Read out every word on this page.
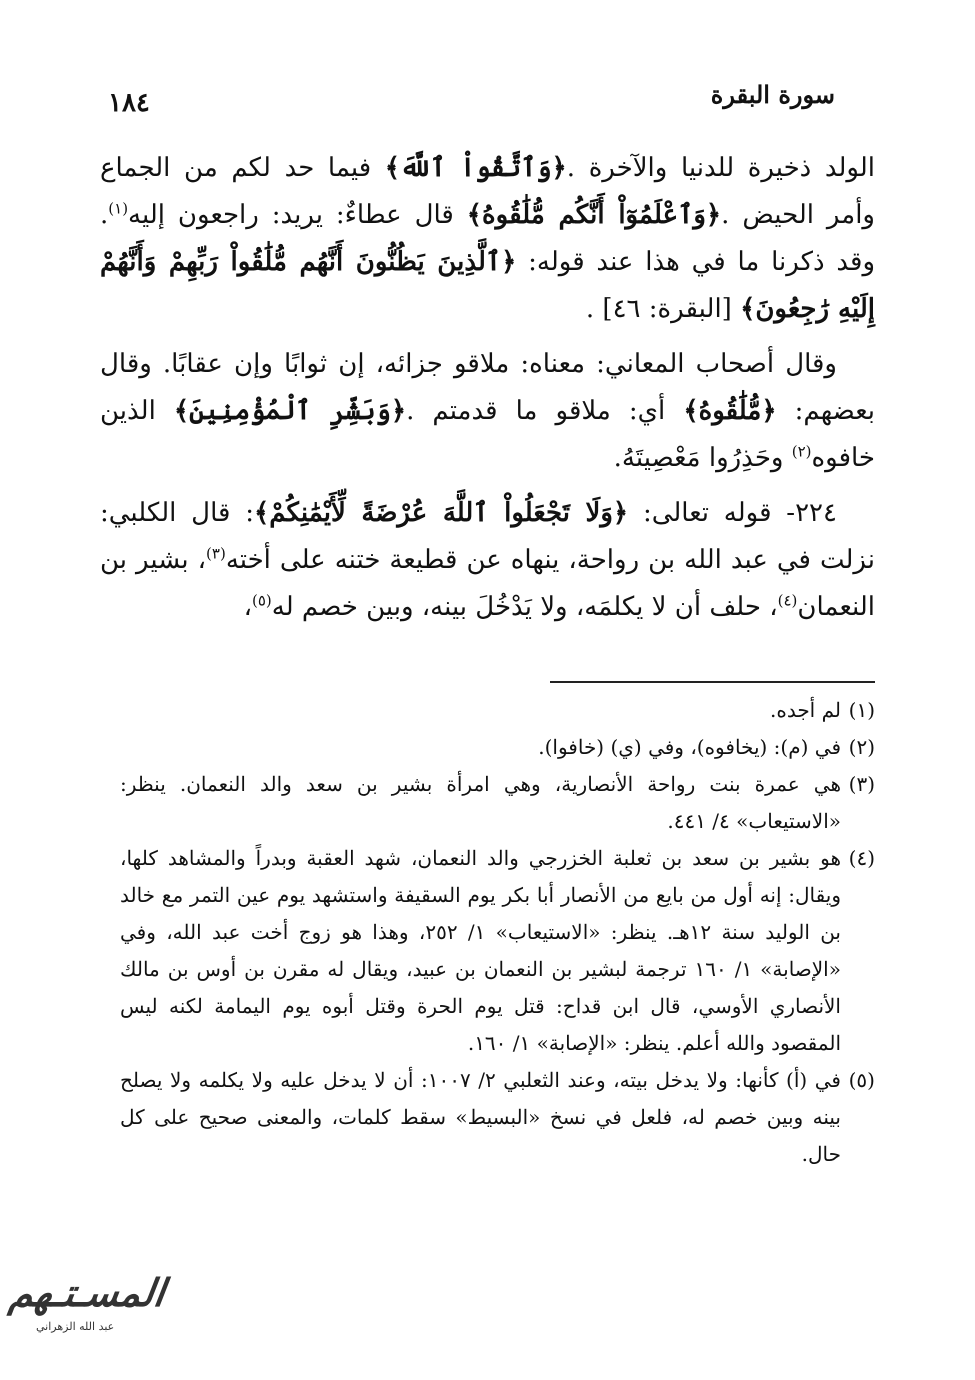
سورة البقرة
١٨٤

الولد ذخيرة للدنيا والآخرة .﴿وَٱتَّقُواْ ٱللَّهَ﴾ فيما حد لكم من الجماع وأمر الحيض .﴿وَٱعْلَمُوٓاْ أَنَّكُم مُّلَٰقُوهُ﴾ قال عطاءٌ: يريد: راجعون إليه$^{(١)}$. وقد ذكرنا ما في هذا عند قوله: ﴿ٱلَّذِينَ يَظُنُّونَ أَنَّهُم مُّلَٰقُواْ رَبِّهِمْ وَأَنَّهُمْ إِلَيْهِ رَٰجِعُونَ﴾ [البقرة: ٤٦] .

وقال أصحاب المعاني: معناه: ملاقو جزائه، إن ثوابًا وإن عقابًا. وقال بعضهم: ﴿مُّلَٰقُوهُ﴾ أي: ملاقو ما قدمتم .﴿وَبَشِّرِ ٱلْمُؤْمِنِينَ﴾ الذين خافوه$^{(٢)}$ وحَذِرُوا مَعْصِيتَهُ.

٢٢٤- قوله تعالى: ﴿وَلَا تَجْعَلُواْ ٱللَّهَ عُرْضَةً لِّأَيْمَٰنِكُمْ﴾: قال الكلبي: نزلت في عبد الله بن رواحة، ينهاه عن قطيعة ختنه على أخته$^{(٣)}$، بشير بن النعمان$^{(٤)}$، حلف أن لا يكلمَه، ولا يَدْخُلَ بينه، وبين خصم له$^{(٥)}$،

(١)لم أجده.

(٢)في (م): (يخافوه)، وفي (ي) (خافوا).

(٣)هي عمرة بنت رواحة الأنصارية، وهي امرأة بشير بن سعد والد النعمان. ينظر: «الاستيعاب» ٤/ ٤٤١.

(٤)هو بشير بن سعد بن ثعلبة الخزرجي والد النعمان، شهد العقبة وبدراً والمشاهد كلها، ويقال: إنه أول من بايع من الأنصار أبا بكر يوم السقيفة واستشهد يوم عين التمر مع خالد بن الوليد سنة ١٢هـ. ينظر: «الاستيعاب» ١/ ٢٥٢، وهذا هو زوج أخت عبد الله، وفي «الإصابة» ١/ ١٦٠ ترجمة لبشير بن النعمان بن عبيد، ويقال له مقرن بن أوس بن مالك الأنصاري الأوسي، قال ابن قداح: قتل يوم الحرة وقتل أبوه يوم اليمامة لكنه ليس المقصود والله أعلم. ينظر: «الإصابة» ١/ ١٦٠.

(٥)في (أ) كأنها: ولا يدخل بيته، وعند الثعلبي ٢/ ١٠٠٧: أن لا يدخل عليه ولا يكلمه ولا يصلح بينه وبين خصم له، فلعل في نسخ «البسيط» سقط كلمات، والمعنى صحيح على كل حال.

المسـتـهم
عبد الله الزهراني
